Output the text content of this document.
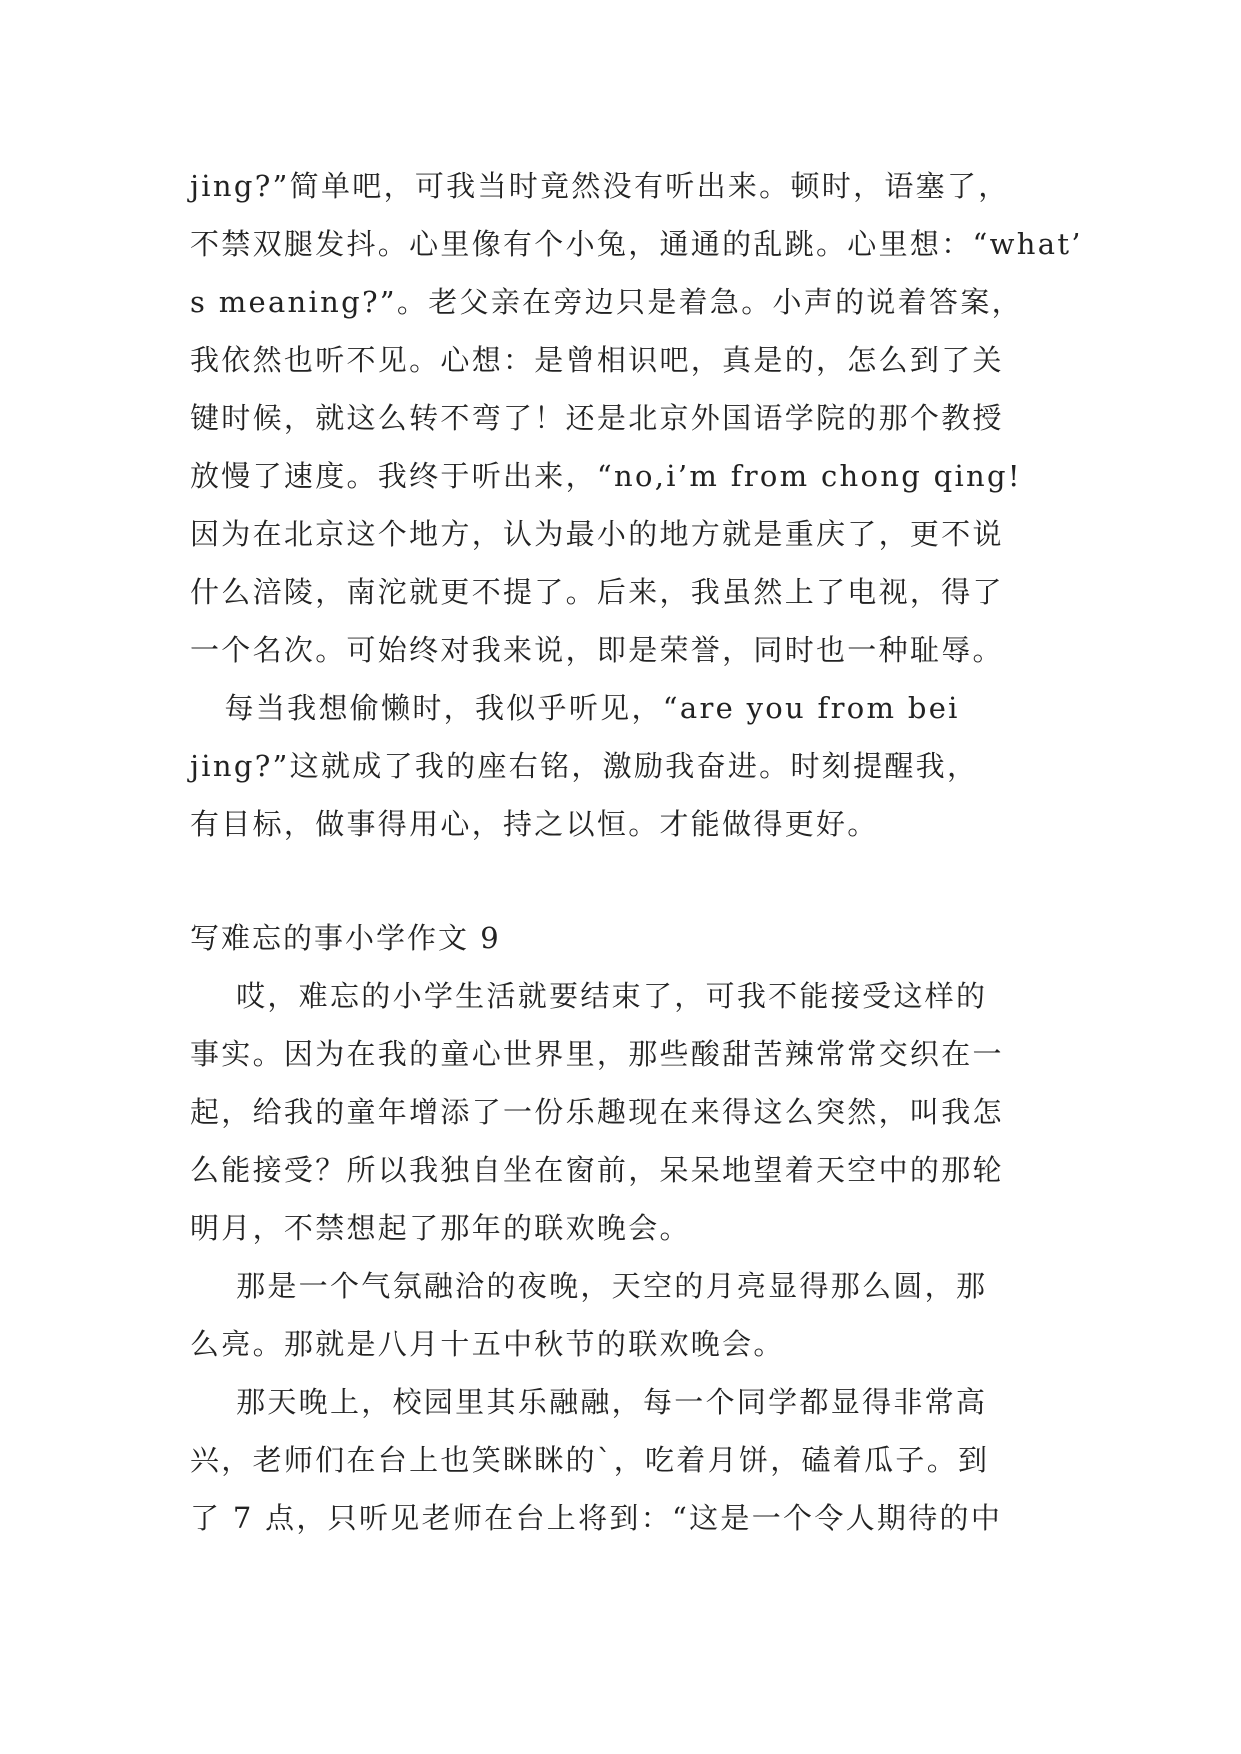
jing?”简单吧，可我当时竟然没有听出来。顿时，语塞了，
不禁双腿发抖。心里像有个小兔，通通的乱跳。心里想：“what’
s meaning?”。老父亲在旁边只是着急。小声的说着答案，
我依然也听不见。心想：是曾相识吧，真是的，怎么到了关
键时候，就这么转不弯了！还是北京外国语学院的那个教授
放慢了速度。我终于听出来，“no,i’m from chong qing!
因为在北京这个地方，认为最小的地方就是重庆了，更不说
什么涪陵，南沱就更不提了。后来，我虽然上了电视，得了
一个名次。可始终对我来说，即是荣誉，同时也一种耻辱。
每当我想偷懒时，我似乎听见，“are you from bei
jing?”这就成了我的座右铭，激励我奋进。时刻提醒我，
有目标，做事得用心，持之以恒。才能做得更好。
写难忘的事小学作文 9
哎，难忘的小学生活就要结束了，可我不能接受这样的
事实。因为在我的童心世界里，那些酸甜苦辣常常交织在一
起，给我的童年增添了一份乐趣现在来得这么突然，叫我怎
么能接受？所以我独自坐在窗前，呆呆地望着天空中的那轮
明月，不禁想起了那年的联欢晚会。
那是一个气氛融洽的夜晚，天空的月亮显得那么圆，那
么亮。那就是八月十五中秋节的联欢晚会。
那天晚上，校园里其乐融融，每一个同学都显得非常高
兴，老师们在台上也笑眯眯的`，吃着月饼，磕着瓜子。到
了 7 点，只听见老师在台上将到：“这是一个令人期待的中
